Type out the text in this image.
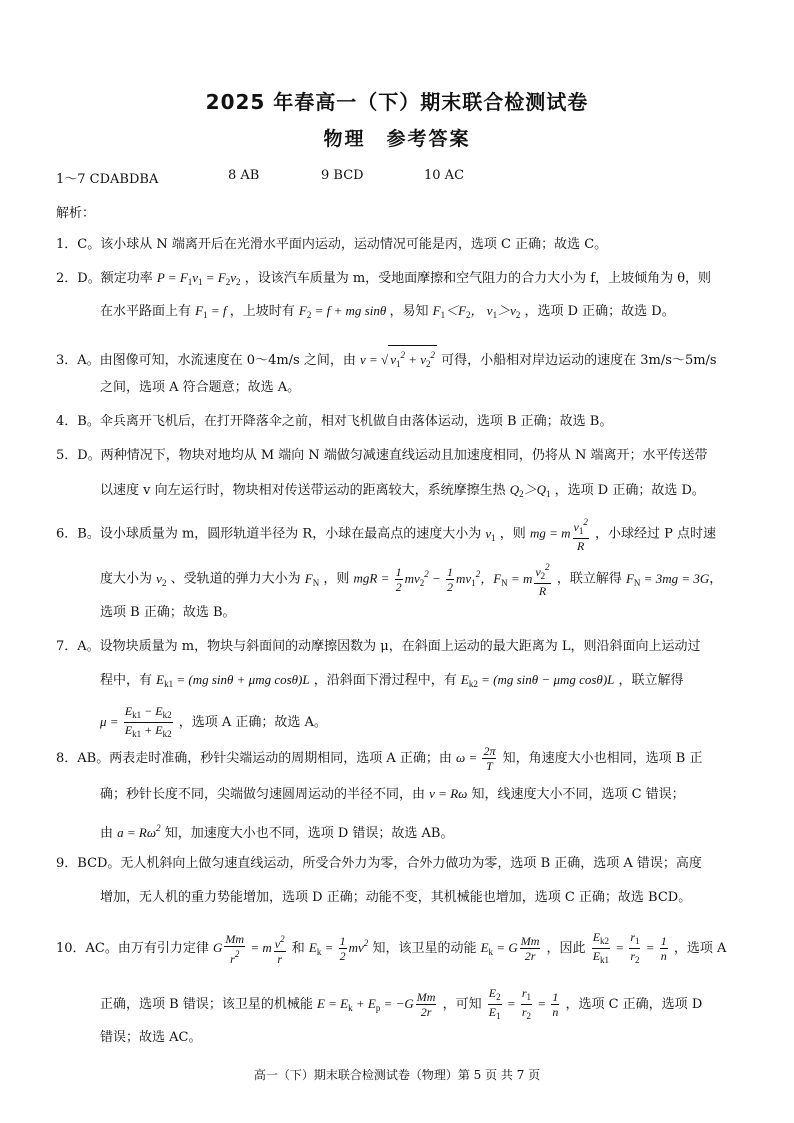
2025 年春高一（下）期末联合检测试卷
物理　参考答案
1～7 CDABDBA	8 AB	9 BCD	10 AC
解析：
1．C。该小球从 N 端离开后在光滑水平面内运动，运动情况可能是丙，选项 C 正确；故选 C。
2．D。额定功率 $P = F_1v_1 = F_2v_2$ ，设该汽车质量为 m，受地面摩擦和空气阻力的合力大小为 f，上坡倾角为 θ，则
在水平路面上有 $F_1 = f$ ，上坡时有 $F_2 = f$ + mg sinθ ，易知 $F_1<F_2$， $v_1>v_2$ ，选项 D 正确；故选 D。
3．A。由图像可知，水流速度在 0～4m/s 之间，由 v = √ $v_1^2 + v_2^2$ 可得，小船相对岸边运动的速度在 3m/s～5m/s
之间，选项 A 符合题意；故选 A。
4．B。伞兵离开飞机后，在打开降落伞之前，相对飞机做自由落体运动，选项 B 正确；故选 B。
5．D。两种情况下，物块对地均从 M 端向 N 端做匀减速直线运动且加速度相同，仍将从 N 端离开；水平传送带
以速度 v 向左运行时，物块相对传送带运动的距离较大，系统摩擦生热 $Q_2>Q_1$ ，选项 D 正确；故选 D。
6．B。设小球质量为 m，圆形轨道半径为 R，小球在最高点的速度大小为 $v_1$ ，则 mg = m $\frac{v_1^2}{R}$ ，小球经过 P 点时速
度大小为 $v_2$ 、受轨道的弹力大小为 $F_N$ ，则 mgR = $\frac{1}{2} mv_2^2 - \frac{1}{2} mv_1^2$，$F_N = m \frac{v_2^2}{R}$ ，联立解得 $F_N = 3mg = 3G$，
选项 B 正确；故选 B。
7．A。设物块质量为 m，物块与斜面间的动摩擦因数为 μ，在斜面上运动的最大距离为 L，则沿斜面向上运动过
程中，有 $E_{k1} = (mg$ sinθ + μmg cosθ)L ，沿斜面下滑过程中，有 $E_{k2} = (mg$ sinθ − μmg cosθ)L ，联立解得
$\mu = \frac{E_{k1} - E_{k2}}{E_{k1} + E_{k2}}$ ，选项 A 正确；故选 A。
8．AB。两表走时准确，秒针尖端运动的周期相同，选项 A 正确；由 $\omega = \frac{2\pi}{T}$ 知，角速度大小也相同，选项 B 正
确；秒针长度不同，尖端做匀速圆周运动的半径不同，由 v = Rω 知，线速度大小不同，选项 C 错误；
由 $a = R\omega^2$ 知，加速度大小也不同，选项 D 错误；故选 AB。
9．BCD。无人机斜向上做匀速直线运动，所受合外力为零，合外力做功为零，选项 B 正确，选项 A 错误；高度
增加，无人机的重力势能增加，选项 D 正确；动能不变，其机械能也增加，选项 C 正确；故选 BCD。
10．AC。由万有引力定律 G $\frac{Mm}{r^2} = m \frac{v^2}{r}$ 和 $E_k = \frac{1}{2} mv^2$ 知，该卫星的动能 $E_k = G \frac{Mm}{2r}$ ，因此 $\frac{E_{k2}}{E_{k1}} = \frac{r_1}{r_2} = \frac{1}{n}$ ，选项 A
正确，选项 B 错误；该卫星的机械能 $E = E_k + E_p = -G \frac{Mm}{2r}$ ，可知 $\frac{E_2}{E_1} = \frac{r_1}{r_2} = \frac{1}{n}$ ，选项 C 正确，选项 D
错误；故选 AC。
高一（下）期末联合检测试卷（物理）第 5 页 共 7 页
